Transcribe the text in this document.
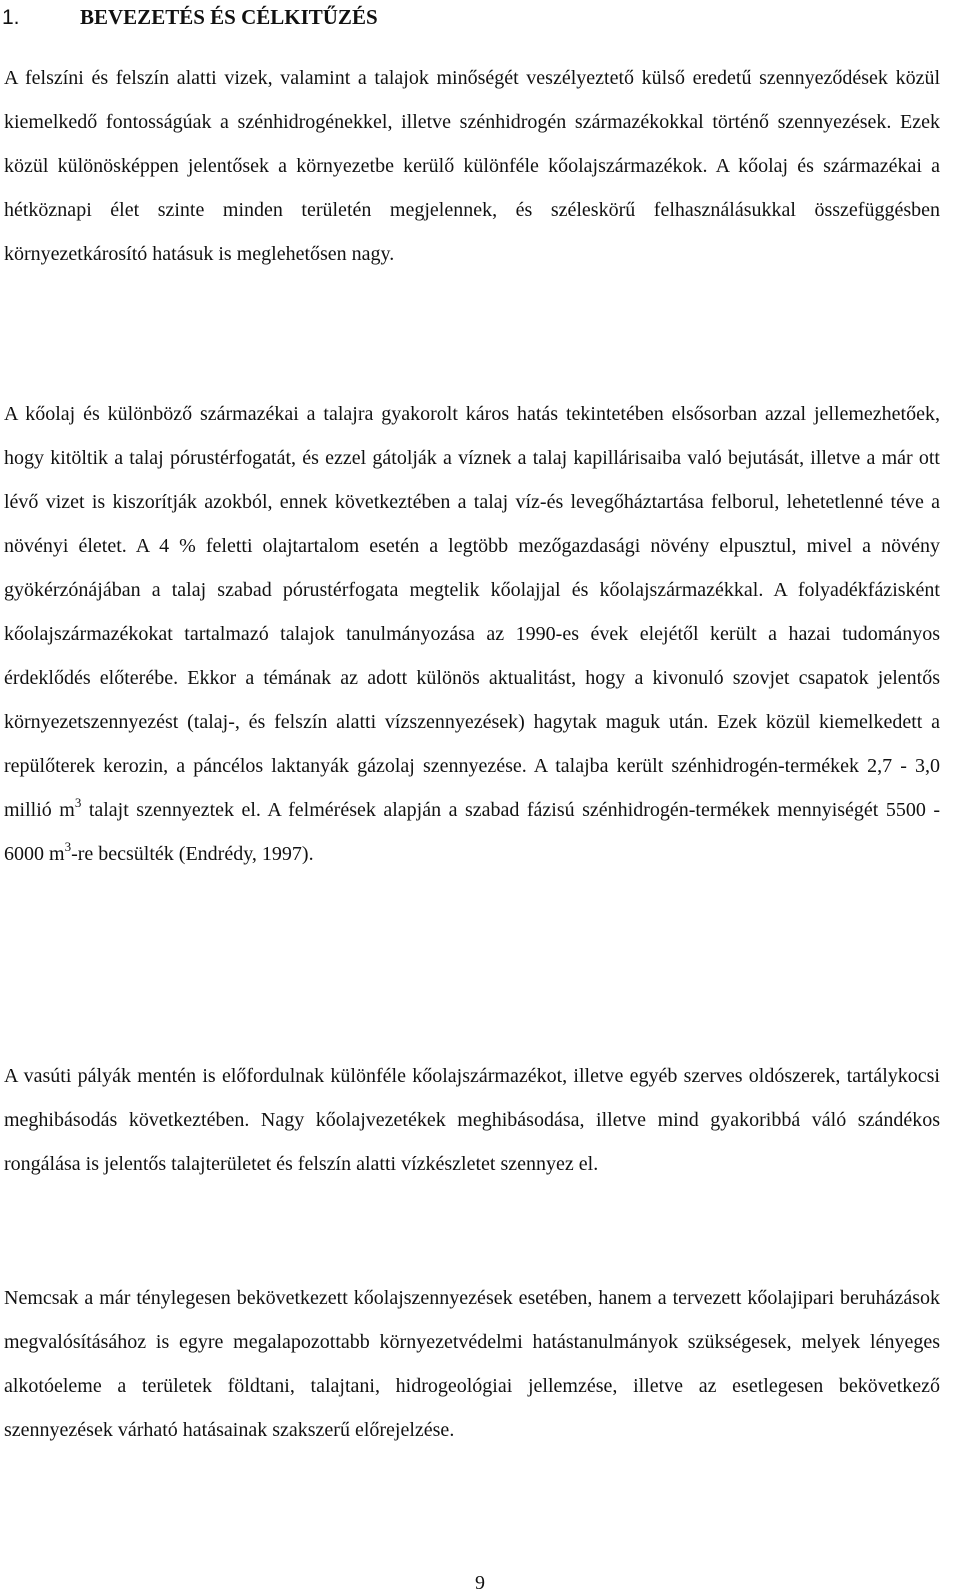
1.	BEVEZETÉS ÉS CÉLKITŰZÉS

A felszíni és felszín alatti vizek, valamint a talajok minőségét veszélyeztető külső eredetű szennyeződések közül kiemelkedő fontosságúak a szénhidrogénekkel, illetve szénhidrogén származékokkal történő szennyezések. Ezek közül különösképpen jelentősek a környezetbe kerülő különféle kőolajszármazékok. A kőolaj és származékai a hétköznapi élet szinte minden területén megjelennek, és széleskörű felhasználásukkal összefüggésben környezetkárosító hatásuk is meglehetősen nagy.

A kőolaj és különböző származékai a talajra gyakorolt káros hatás tekintetében elsősorban azzal jellemezhetőek, hogy kitöltik a talaj pórustérfogatát, és ezzel gátolják a víznek a talaj kapillárisaiba való bejutását, illetve a már ott lévő vizet is kiszorítják azokból, ennek következtében a talaj víz-és levegőháztartása felborul, lehetetlenné téve a növényi életet. A 4 % feletti olajtartalom esetén a legtöbb mezőgazdasági növény elpusztul, mivel a növény gyökérzónájában a talaj szabad pórustérfogata megtelik kőolajjal és kőolajszármazékkal. A folyadékfázisként kőolajszármazékokat tartalmazó talajok tanulmányozása az 1990-es évek elejétől került a hazai tudományos érdeklődés előterébe. Ekkor a témának az adott különös aktualitást, hogy a kivonuló szovjet csapatok jelentős környezetszennyezést (talaj-, és felszín alatti vízszennyezések) hagytak maguk után. Ezek közül kiemelkedett a repülőterek kerozin, a páncélos laktanyák gázolaj szennyezése. A talajba került szénhidrogén-termékek 2,7 - 3,0 millió $m^3$ talajt szennyeztek el. A felmérések alapján a szabad fázisú szénhidrogén-termékek mennyiségét 5500 - 6000 $m^3-re$ becsülték (Endrédy, 1997).

A vasúti pályák mentén is előfordulnak különféle kőolajszármazékot, illetve egyéb szerves oldószerek, tartálykocsi meghibásodás következtében. Nagy kőolajvezetékek meghibásodása, illetve mind gyakoribbá váló szándékos rongálása is jelentős talajterületet és felszín alatti vízkészletet szennyez el.

Nemcsak a már ténylegesen bekövetkezett kőolajszennyezések esetében, hanem a tervezett kőolajipari beruházások megvalósításához is egyre megalapozottabb környezetvédelmi hatástanulmányok szükségesek, melyek lényeges alkotóeleme a területek földtani, talajtani, hidrogeológiai jellemzése, illetve az esetlegesen bekövetkező szennyezések várható hatásainak szakszerű előrejelzése.

9
